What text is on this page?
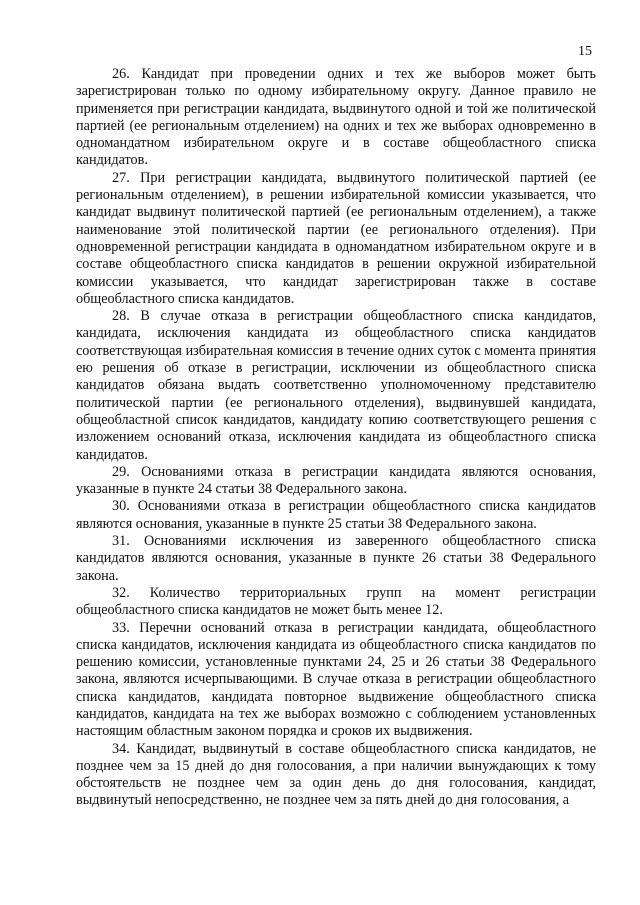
15

26. Кандидат при проведении одних и тех же выборов может быть зарегистрирован только по одному избирательному округу. Данное правило не применяется при регистрации кандидата, выдвинутого одной и той же политической партией (ее региональным отделением) на одних и тех же выборах одновременно в одномандатном избирательном округе и в составе общеобластного списка кандидатов.

27. При регистрации кандидата, выдвинутого политической партией (ее региональным отделением), в решении избирательной комиссии указывается, что кандидат выдвинут политической партией (ее региональным отделением), а также наименование этой политической партии (ее регионального отделения). При одновременной регистрации кандидата в одномандатном избирательном округе и в составе общеобластного списка кандидатов в решении окружной избирательной комиссии указывается, что кандидат зарегистрирован также в составе общеобластного списка кандидатов.

28. В случае отказа в регистрации общеобластного списка кандидатов, кандидата, исключения кандидата из общеобластного списка кандидатов соответствующая избирательная комиссия в течение одних суток с момента принятия ею решения об отказе в регистрации, исключении из общеобластного списка кандидатов обязана выдать соответственно уполномоченному представителю политической партии (ее регионального отделения), выдвинувшей кандидата, общеобластной список кандидатов, кандидату копию соответствующего решения с изложением оснований отказа, исключения кандидата из общеобластного списка кандидатов.

29. Основаниями отказа в регистрации кандидата являются основания, указанные в пункте 24 статьи 38 Федерального закона.

30. Основаниями отказа в регистрации общеобластного списка кандидатов являются основания, указанные в пункте 25 статьи 38 Федерального закона.

31. Основаниями исключения из заверенного общеобластного списка кандидатов являются основания, указанные в пункте 26 статьи 38 Федерального закона.

32. Количество территориальных групп на момент регистрации общеобластного списка кандидатов не может быть менее 12.

33. Перечни оснований отказа в регистрации кандидата, общеобластного списка кандидатов, исключения кандидата из общеобластного списка кандидатов по решению комиссии, установленные пунктами 24, 25 и 26 статьи 38 Федерального закона, являются исчерпывающими. В случае отказа в регистрации общеобластного списка кандидатов, кандидата повторное выдвижение общеобластного списка кандидатов, кандидата на тех же выборах возможно с соблюдением установленных настоящим областным законом порядка и сроков их выдвижения.

34. Кандидат, выдвинутый в составе общеобластного списка кандидатов, не позднее чем за 15 дней до дня голосования, а при наличии вынуждающих к тому обстоятельств не позднее чем за один день до дня голосования, кандидат, выдвинутый непосредственно, не позднее чем за пять дней до дня голосования, а
